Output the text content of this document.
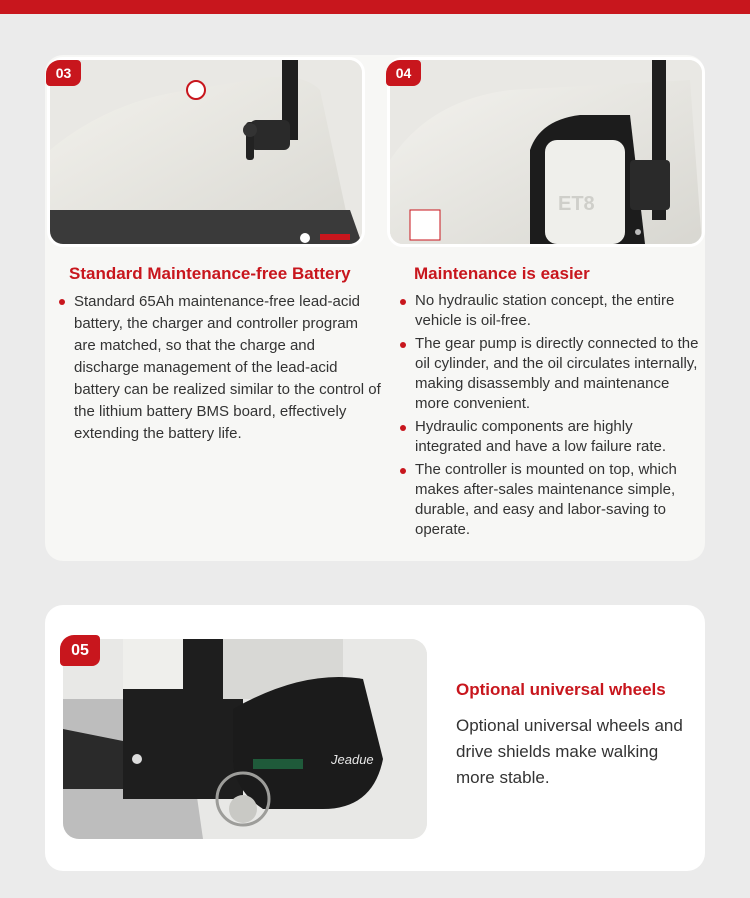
03
ET8
04
Standard Maintenance-free Battery
Standard 65Ah maintenance-free lead-acid battery, the charger and controller program are matched, so that the charge and discharge management of the lead-acid battery can be realized similar to the control of the lithium battery BMS board, effectively extending the battery life.
Maintenance is easier
No hydraulic station concept, the entire vehicle is oil-free.
The gear pump is directly connected to the oil cylinder, and the oil circulates internally, making disassembly and maintenance more convenient.
Hydraulic components are highly integrated and have a low failure rate.
The controller is mounted on top, which makes after-sales maintenance simple, durable, and easy and labor-saving to operate.
Jeadue
05
Optional universal wheels
Optional universal wheels and drive shields make walking more stable.
